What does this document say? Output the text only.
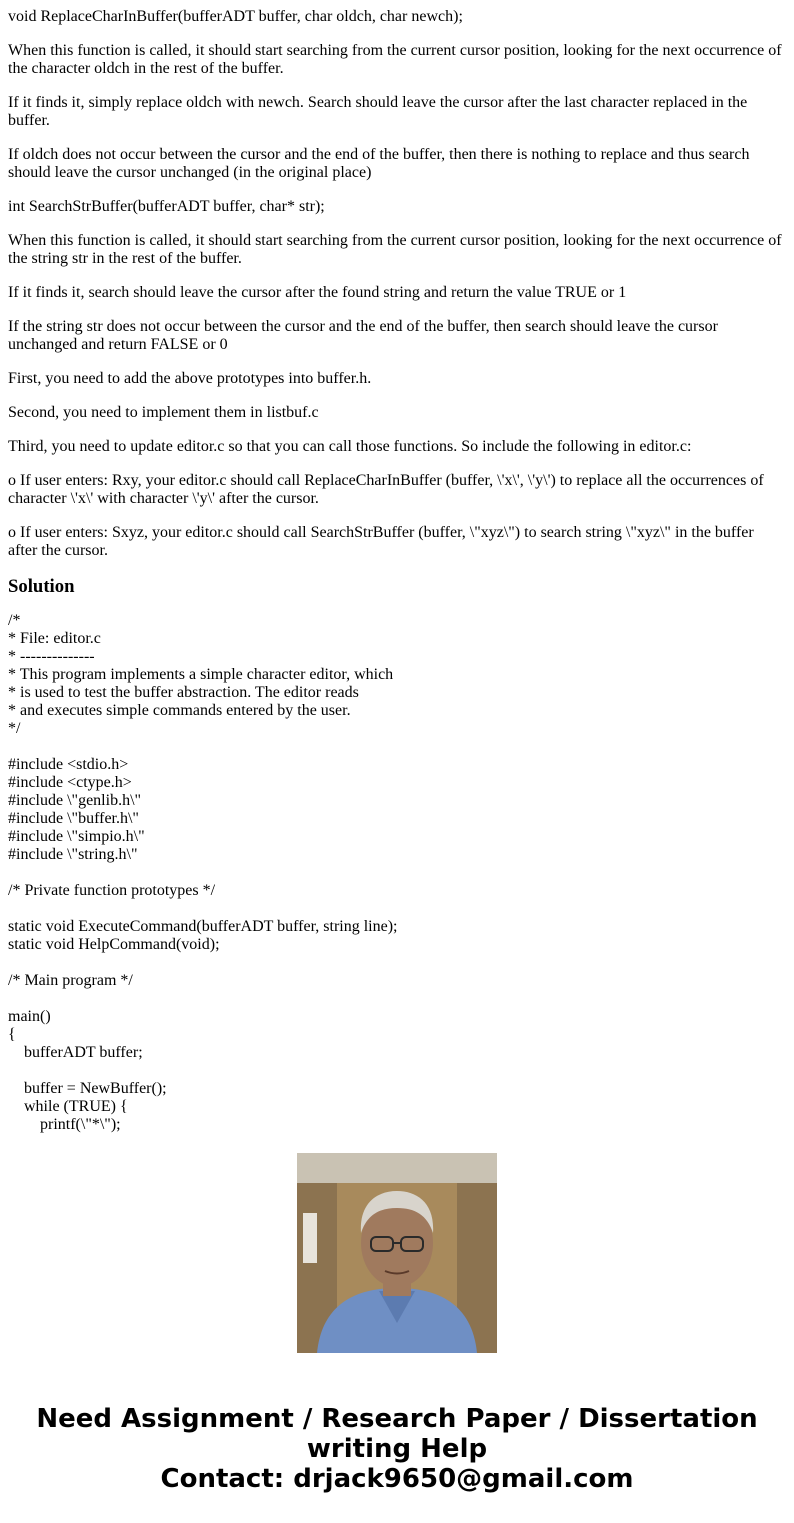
void ReplaceCharInBuffer(bufferADT buffer, char oldch, char newch);

When this function is called, it should start searching from the current cursor position, looking for the next occurrence of the character oldch in the rest of the buffer.

If it finds it, simply replace oldch with newch. Search should leave the cursor after the last character replaced in the buffer.

If oldch does not occur between the cursor and the end of the buffer, then there is nothing to replace and thus search should leave the cursor unchanged (in the original place)

int SearchStrBuffer(bufferADT buffer, char* str);

When this function is called, it should start searching from the current cursor position, looking for the next occurrence of the string str in the rest of the buffer.

If it finds it, search should leave the cursor after the found string and return the value TRUE or 1

If the string str does not occur between the cursor and the end of the buffer, then search should leave the cursor unchanged and return FALSE or 0

First, you need to add the above prototypes into buffer.h.

Second, you need to implement them in listbuf.c

Third, you need to update editor.c so that you can call those functions. So include the following in editor.c:

o If user enters: Rxy, your editor.c should call ReplaceCharInBuffer (buffer, \'x\', \'y\') to replace all the occurrences of character \'x\' with character \'y\' after the cursor.

o If user enters: Sxyz, your editor.c should call SearchStrBuffer (buffer, \"xyz\") to search string \"xyz\" in the buffer after the cursor.

Solution
/*
* File: editor.c
* --------------
* This program implements a simple character editor, which
* is used to test the buffer abstraction. The editor reads
* and executes simple commands entered by the user.
*/

#include <stdio.h>
#include <ctype.h>
#include \"genlib.h\"
#include \"buffer.h\"
#include \"simpio.h\"
#include \"string.h\"

/* Private function prototypes */

static void ExecuteCommand(bufferADT buffer, string line);
static void HelpCommand(void);

/* Main program */

main()
{
bufferADT buffer;

buffer = NewBuffer();
while (TRUE) {
printf(\"*\");
Need Assignment / Research Paper / Dissertation
writing Help
Contact: drjack9650@gmail.com
